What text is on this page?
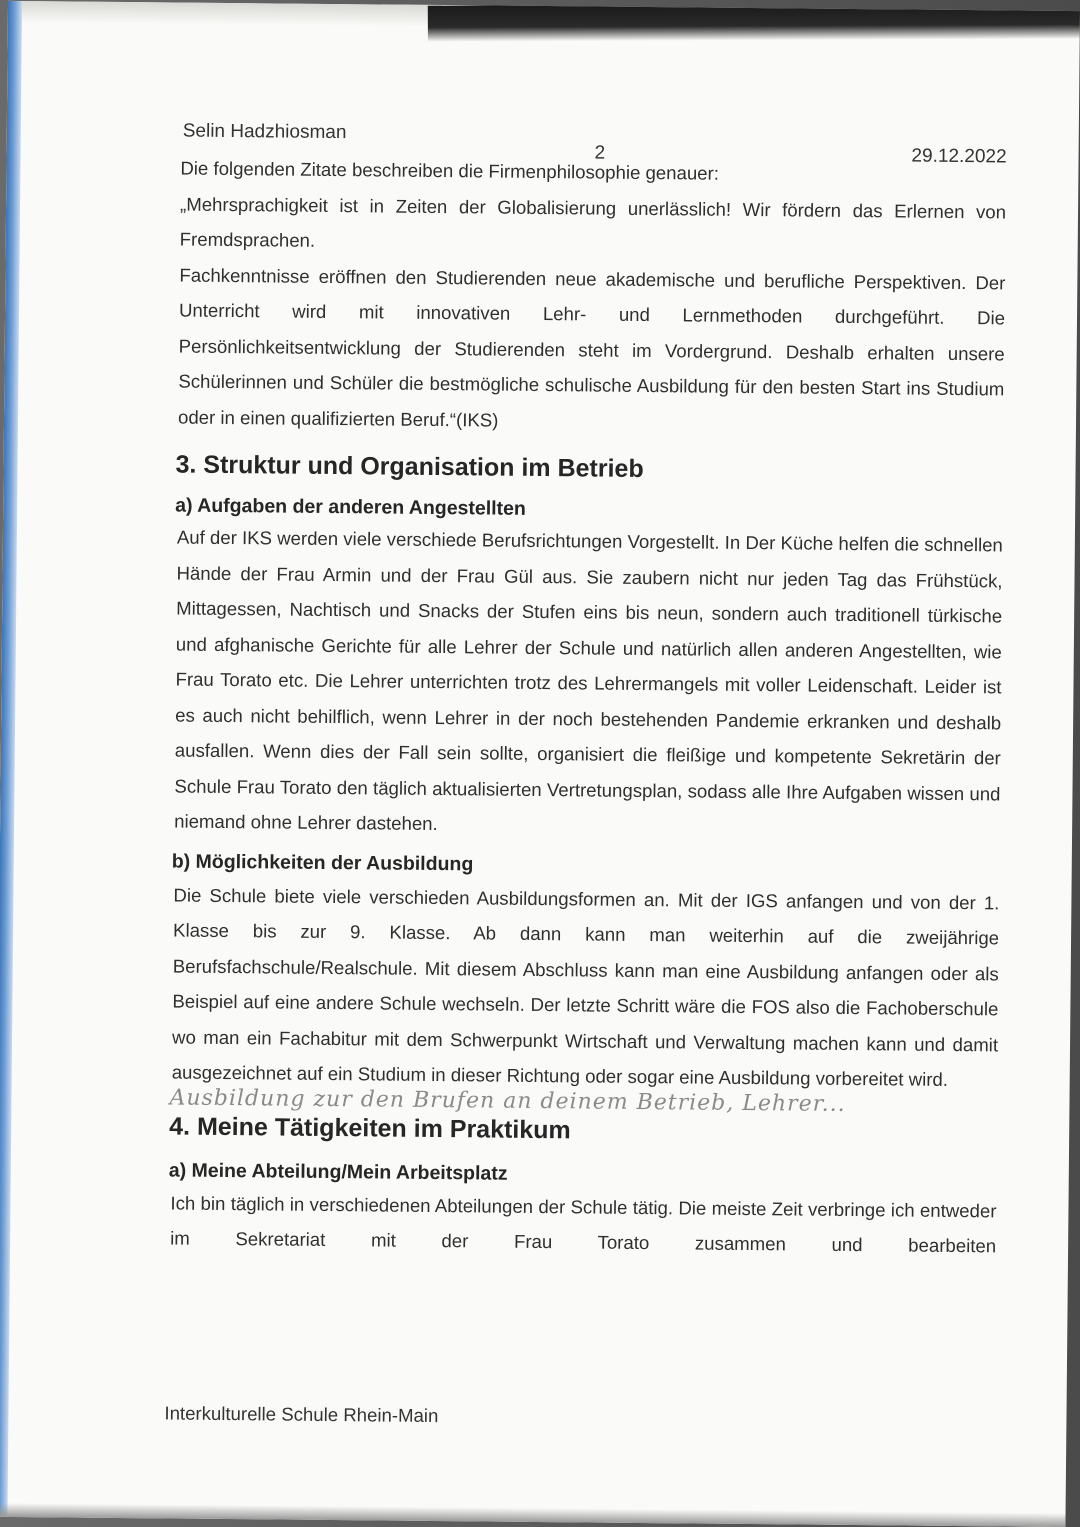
Selin Hadzhiosman
2	29.12.2022

Die folgenden Zitate beschreiben die Firmenphilosophie genauer:

„Mehrsprachigkeit ist in Zeiten der Globalisierung unerlässlich! Wir fördern das Erlernen von Fremdsprachen.

Fachkenntnisse eröffnen den Studierenden neue akademische und berufliche Perspektiven. Der Unterricht wird mit innovativen Lehr- und Lernmethoden durchgeführt. Die Persönlichkeitsentwicklung der Studierenden steht im Vordergrund. Deshalb erhalten unsere Schülerinnen und Schüler die bestmögliche schulische Ausbildung für den besten Start ins Studium oder in einen qualifizierten Beruf.“(IKS)

3. Struktur und Organisation im Betrieb
a) Aufgaben der anderen Angestellten

Auf der IKS werden viele verschiede Berufsrichtungen Vorgestellt. In Der Küche helfen die schnellen Hände der Frau Armin und der Frau Gül aus. Sie zaubern nicht nur jeden Tag das Frühstück, Mittagessen, Nachtisch und Snacks der Stufen eins bis neun, sondern auch traditionell türkische und afghanische Gerichte für alle Lehrer der Schule und natürlich allen anderen Angestellten, wie Frau Torato etc. Die Lehrer unterrichten trotz des Lehrermangels mit voller Leidenschaft. Leider ist es auch nicht behilflich, wenn Lehrer in der noch bestehenden Pandemie erkranken und deshalb ausfallen. Wenn dies der Fall sein sollte, organisiert die fleißige und kompetente Sekretärin der Schule Frau Torato den täglich aktualisierten Vertretungsplan, sodass alle Ihre Aufgaben wissen und niemand ohne Lehrer dastehen.

b) Möglichkeiten der Ausbildung

Die Schule biete viele verschieden Ausbildungsformen an. Mit der IGS anfangen und von der 1. Klasse bis zur 9. Klasse. Ab dann kann man weiterhin auf die zweijährige Berufsfachschule/Realschule. Mit diesem Abschluss kann man eine Ausbildung anfangen oder als Beispiel auf eine andere Schule wechseln. Der letzte Schritt wäre die FOS also die Fachoberschule wo man ein Fachabitur mit dem Schwerpunkt Wirtschaft und Verwaltung machen kann und damit ausgezeichnet auf ein Studium in dieser Richtung oder sogar eine Ausbildung vorbereitet wird.

Ausbildung zur den Brufen an deinem Betrieb, Lehrer...
4. Meine Tätigkeiten im Praktikum
a) Meine Abteilung/Mein Arbeitsplatz

Ich bin täglich in verschiedenen Abteilungen der Schule tätig. Die meiste Zeit verbringe ich entweder im Sekretariat mit der Frau Torato zusammen und bearbeiten

Interkulturelle Schule Rhein-Main
